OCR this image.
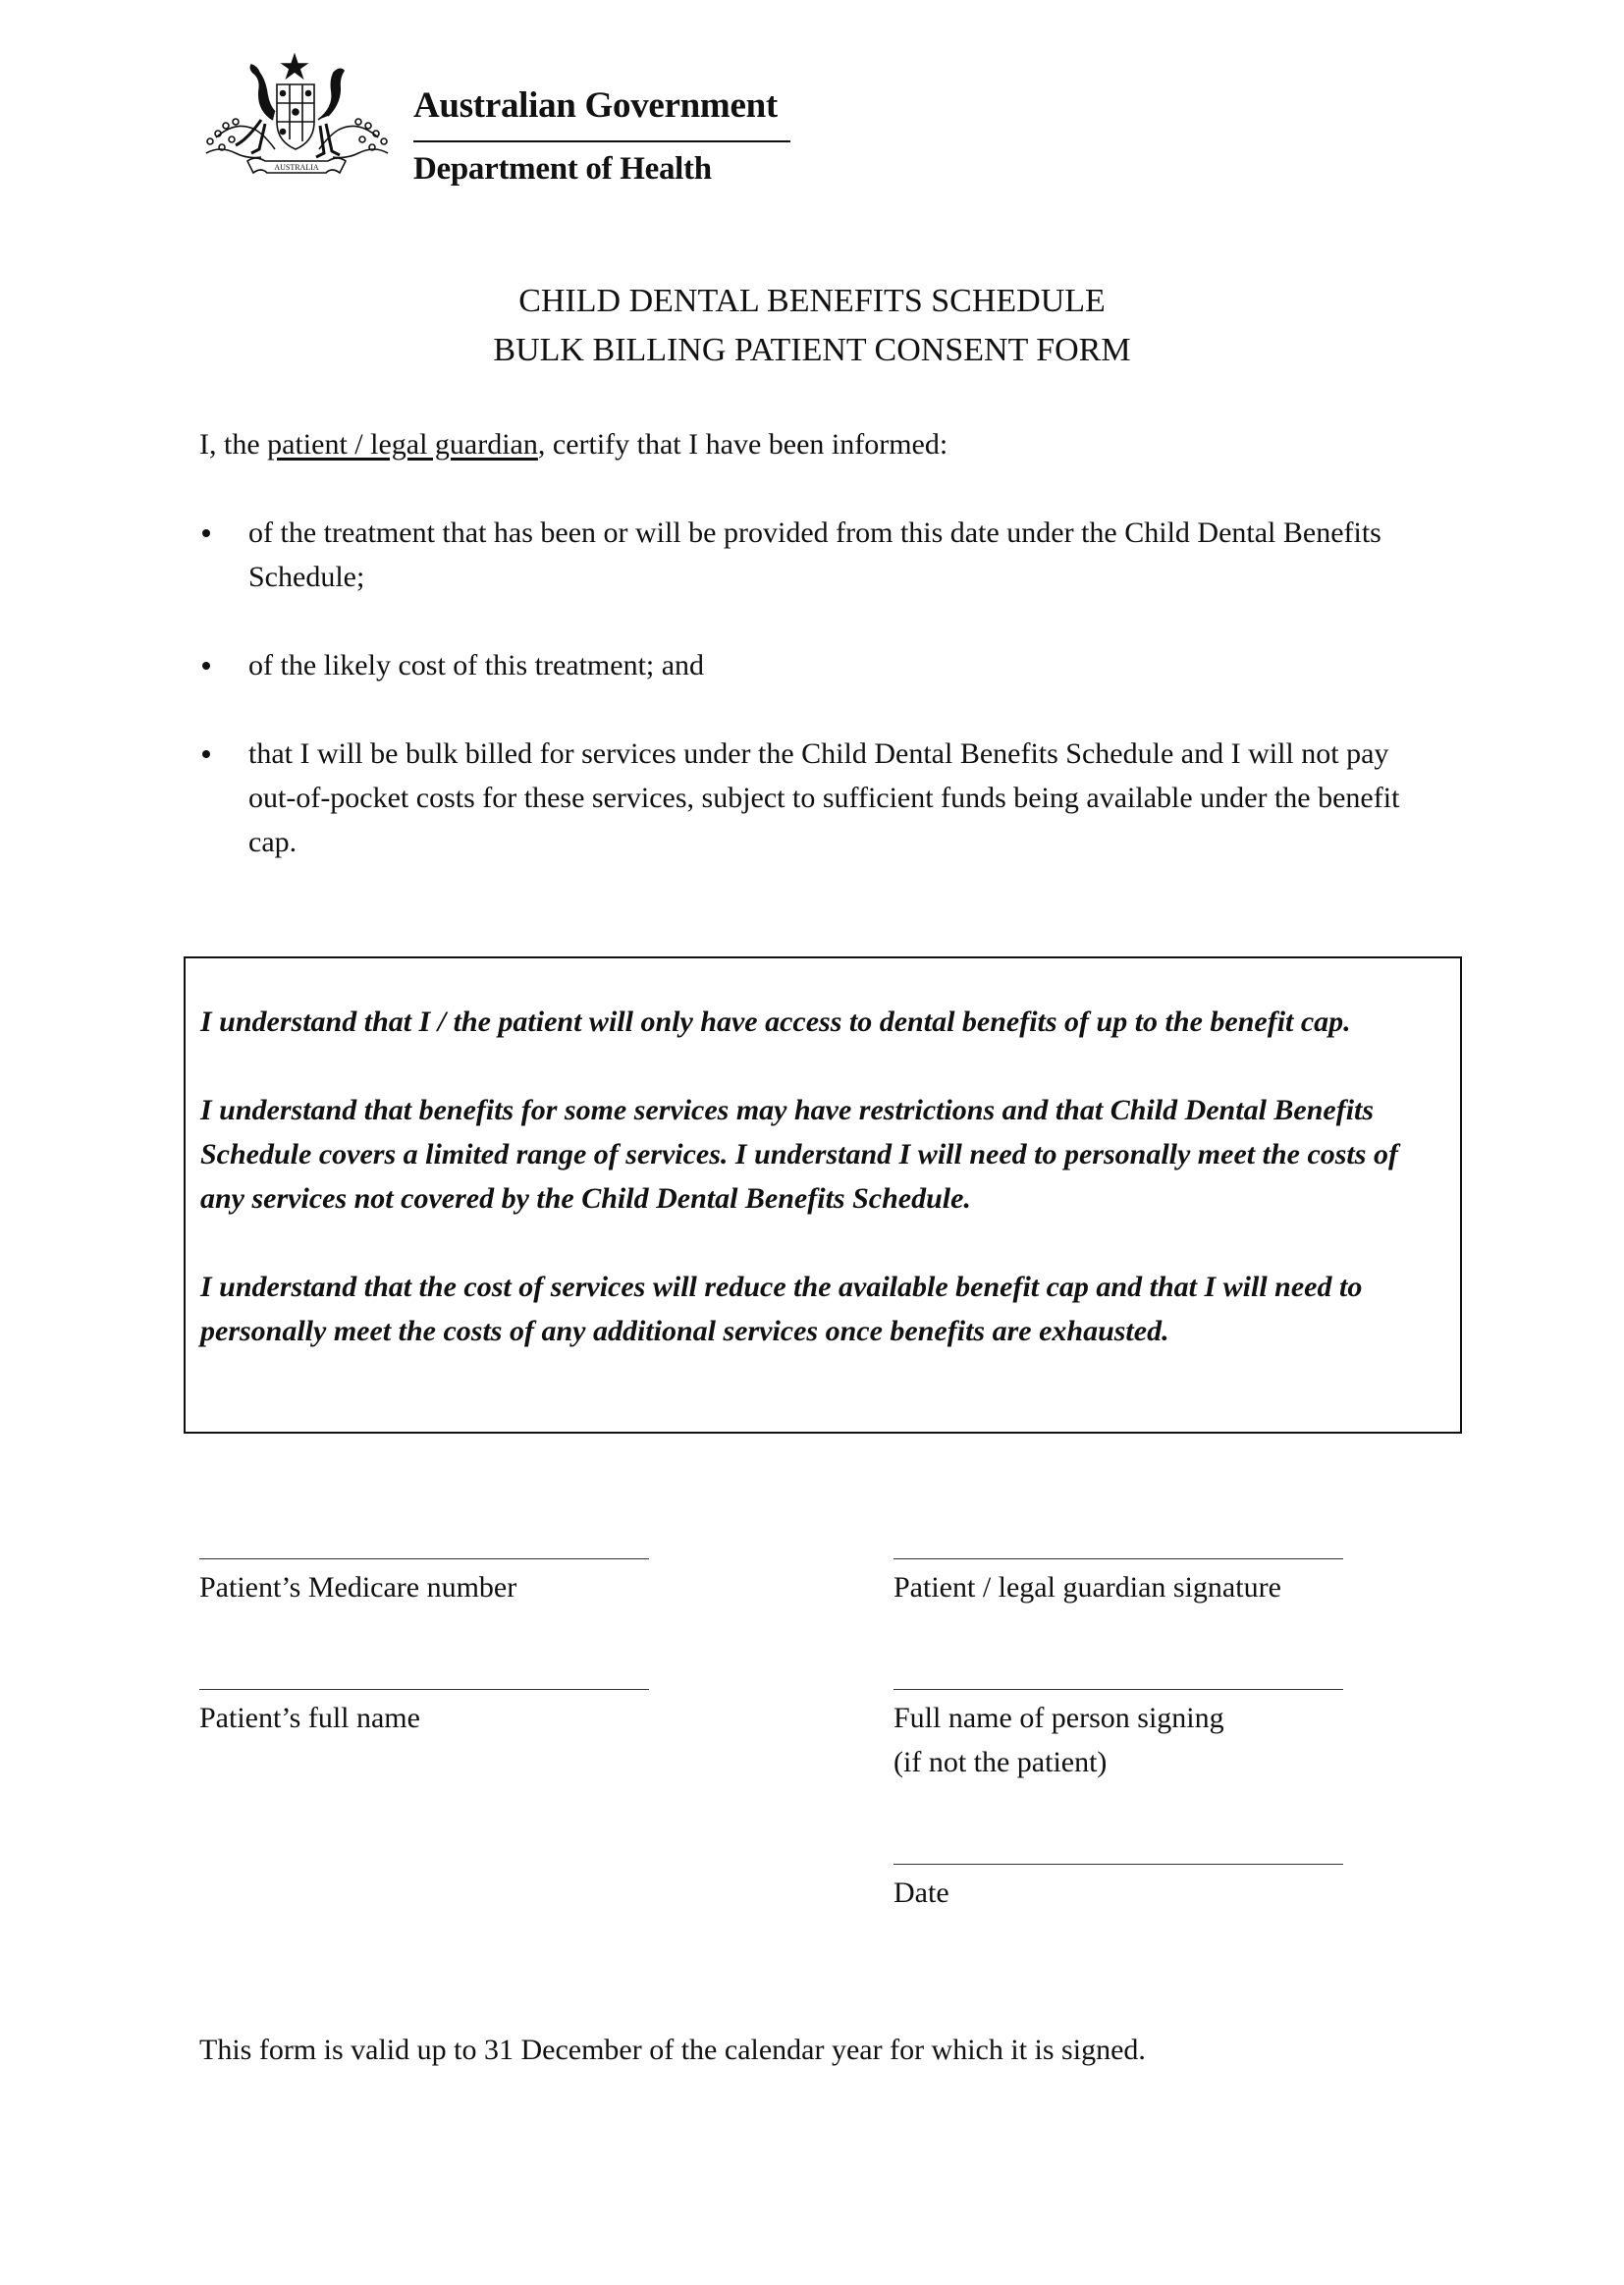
AUSTRALIA
Australian Government
Department of Health
CHILD DENTAL BENEFITS SCHEDULE
BULK BILLING PATIENT CONSENT FORM
I, the patient / legal guardian, certify that I have been informed:
of the treatment that has been or will be provided from this date under the Child Dental Benefits Schedule;
of the likely cost of this treatment; and
that I will be bulk billed for services under the Child Dental Benefits Schedule and I will not pay out-of-pocket costs for these services, subject to sufficient funds being available under the benefit cap.

I understand that I / the patient will only have access to dental benefits of up to the benefit cap.

I understand that benefits for some services may have restrictions and that Child Dental Benefits Schedule covers a limited range of services. I understand I will need to personally meet the costs of any services not covered by the Child Dental Benefits Schedule.

I understand that the cost of services will reduce the available benefit cap and that I will need to personally meet the costs of any additional services once benefits are exhausted.

Patient’s Medicare number	Patient / legal guardian signature
Patient’s full name	Full name of person signing
(if not the patient)
Date
This form is valid up to 31 December of the calendar year for which it is signed.
